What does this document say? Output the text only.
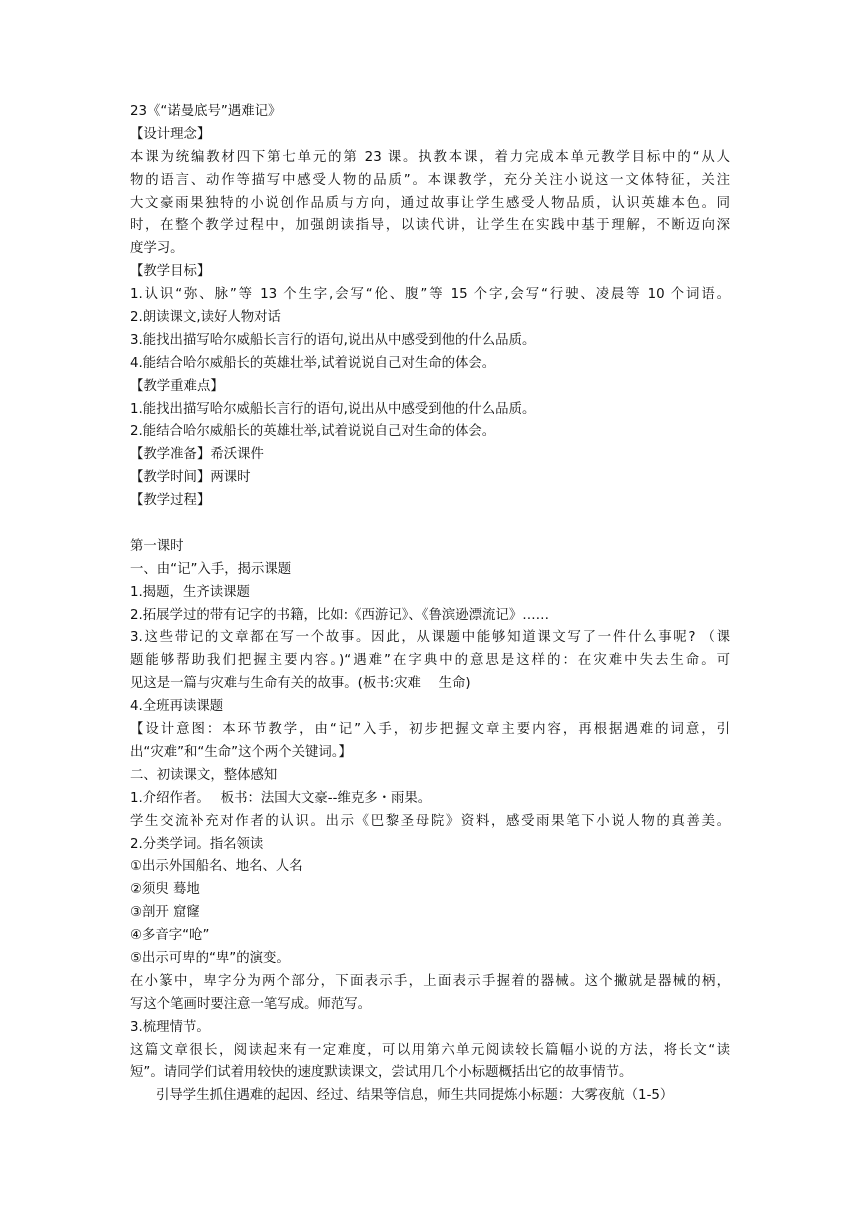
23《“诺曼底号”遇难记》
【设计理念】
本课为统编教材四下第七单元的第 23 课。执教本课，着力完成本单元教学目标中的“从人
物的语言、动作等描写中感受人物的品质”。本课教学，充分关注小说这一文体特征，关注
大文豪雨果独特的小说创作品质与方向，通过故事让学生感受人物品质，认识英雄本色。同
时，在整个教学过程中，加强朗读指导，以读代讲，让学生在实践中基于理解，不断迈向深
度学习。
【教学目标】
1.认识“弥、脉”等 13 个生字,会写“伦、腹”等 15 个字,会写“行驶、凌晨等 10 个词语。
2.朗读课文,读好人物对话
3.能找出描写哈尔威船长言行的语句,说出从中感受到他的什么品质。
4.能结合哈尔威船长的英雄壮举,试着说说自己对生命的体会。
【教学重难点】
1.能找出描写哈尔威船长言行的语句,说出从中感受到他的什么品质。
2.能结合哈尔威船长的英雄壮举,试着说说自己对生命的体会。
【教学准备】希沃课件
【教学时间】两课时
【教学过程】
第一课时
一、由“记”入手，揭示课题
1.揭题，生齐读课题
2.拓展学过的带有记字的书籍，比如:《西游记》、《鲁滨逊漂流记》……
3.这些带记的文章都在写一个故事。因此，从课题中能够知道课文写了一件什么事呢? （课
题能够帮助我们把握主要内容。)“遇难”在字典中的意思是这样的：在灾难中失去生命。可
见这是一篇与灾难与生命有关的故事。(板书:灾难　 生命)
4.全班再读课题
【设计意图：本环节教学，由“记”入手，初步把握文章主要内容，再根据遇难的词意，引
出“灾难”和“生命”这个两个关键词。】
二、初读课文，整体感知
1.介绍作者。　 板书：法国大文豪--维克多・雨果。
学生交流补充对作者的认识。出示《巴黎圣母院》资料，感受雨果笔下小说人物的真善美。
2.分类学词。指名领读
①出示外国船名、地名、人名
②须臾 蓦地
③剖开 窟窿
④多音字“呛”
⑤出示可卑的“卑”的演变。
在小篆中，卑字分为两个部分，下面表示手，上面表示手握着的器械。这个撇就是器械的柄，
写这个笔画时要注意一笔写成。师范写。
3.梳理情节。
这篇文章很长，阅读起来有一定难度，可以用第六单元阅读较长篇幅小说的方法，将长文“读
短”。请同学们试着用较快的速度默读课文，尝试用几个小标题概括出它的故事情节。
引导学生抓住遇难的起因、经过、结果等信息，师生共同提炼小标题：大雾夜航（1-5）
